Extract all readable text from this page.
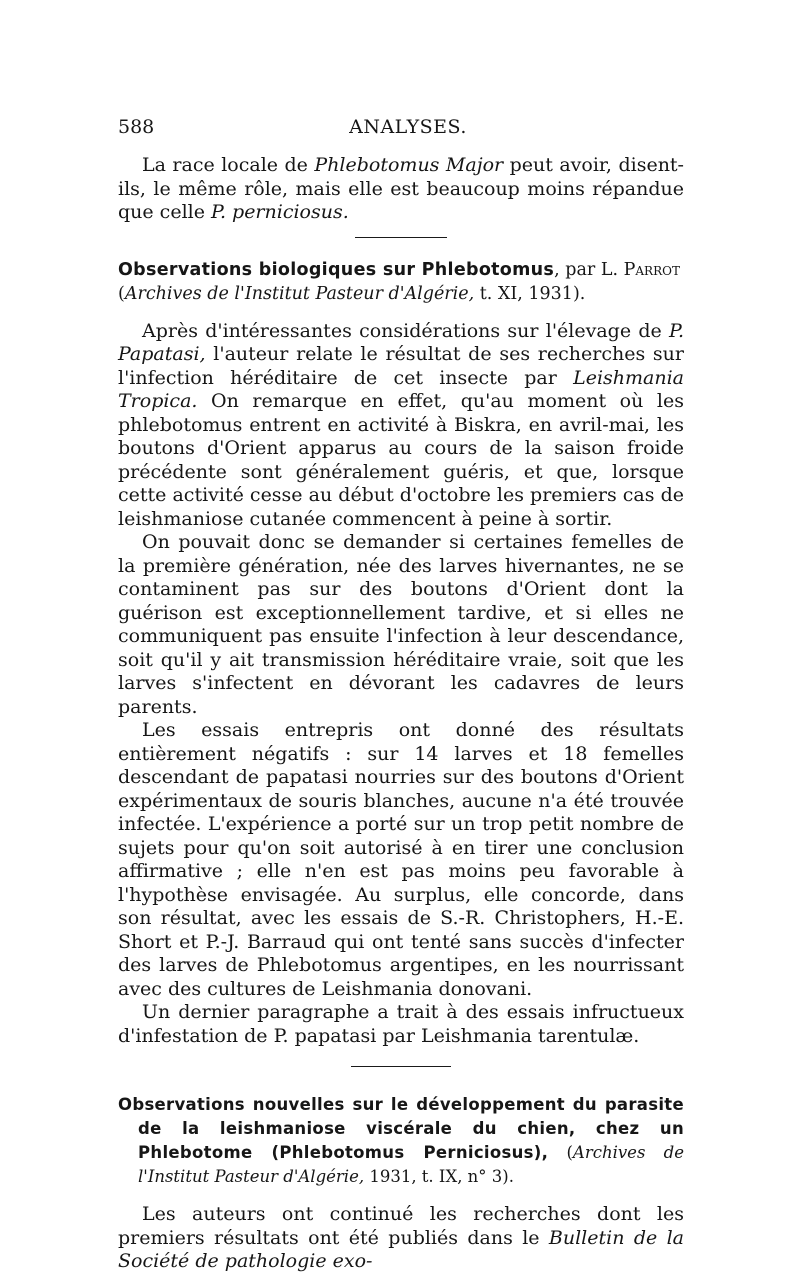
588	ANALYSES.

La race locale de Phlebotomus Major peut avoir, disent-ils, le même rôle, mais elle est beaucoup moins répandue que celle P. perniciosus.

Observations biologiques sur Phlebotomus, par L. Parrot
(Archives de l'Institut Pasteur d'Algérie, t. XI, 1931).

Après d'intéressantes considérations sur l'élevage de P. Papatasi, l'auteur relate le résultat de ses recherches sur l'infection héréditaire de cet insecte par Leishmania Tropica. On remarque en effet, qu'au moment où les phlebotomus entrent en activité à Biskra, en avril-mai, les boutons d'Orient apparus au cours de la saison froide précédente sont généralement guéris, et que, lorsque cette activité cesse au début d'octobre les premiers cas de leishmaniose cutanée commencent à peine à sortir.

On pouvait donc se demander si certaines femelles de la première génération, née des larves hivernantes, ne se contaminent pas sur des boutons d'Orient dont la guérison est exceptionnellement tardive, et si elles ne communiquent pas ensuite l'infection à leur descendance, soit qu'il y ait transmission héréditaire vraie, soit que les larves s'infectent en dévorant les cadavres de leurs parents.

Les essais entrepris ont donné des résultats entièrement négatifs : sur 14 larves et 18 femelles descendant de papatasi nourries sur des boutons d'Orient expérimentaux de souris blanches, aucune n'a été trouvée infectée. L'expérience a porté sur un trop petit nombre de sujets pour qu'on soit autorisé à en tirer une conclusion affirmative ; elle n'en est pas moins peu favorable à l'hypothèse envisagée. Au surplus, elle concorde, dans son résultat, avec les essais de S.-R. Christophers, H.-E. Short et P.-J. Barraud qui ont tenté sans succès d'infecter des larves de Phlebotomus argentipes, en les nourrissant avec des cultures de Leishmania donovani.

Un dernier paragraphe a trait à des essais infructueux d'infestation de P. papatasi par Leishmania tarentulæ.

Observations nouvelles sur le développement du parasite de la leishmaniose viscérale du chien, chez un Phlebotome (Phlebotomus Perniciosus), (Archives de l'Institut Pasteur d'Algérie, 1931, t. IX, n° 3).

Les auteurs ont continué les recherches dont les premiers résultats ont été publiés dans le Bulletin de la Société de pathologie exo-
